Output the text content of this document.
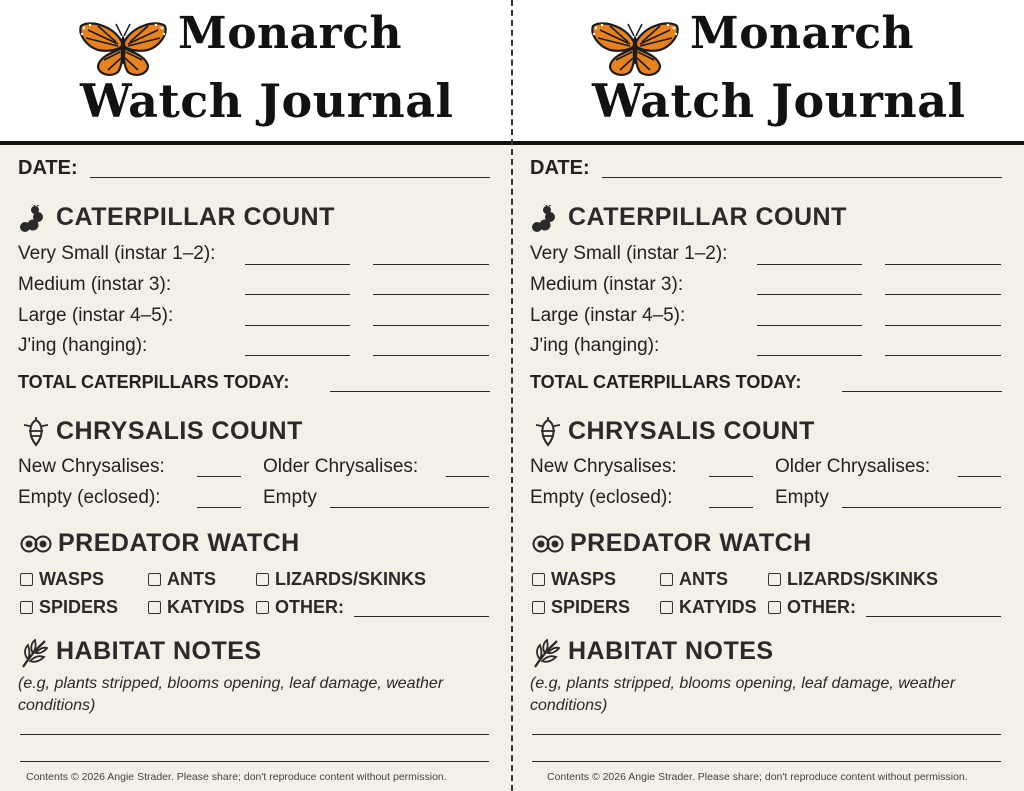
Monarch
Watch Journal
DATE:
CATERPILLAR COUNT
Very Small (instar 1–2):
Medium (instar 3):
Large (instar 4–5):
J'ing (hanging):
TOTAL CATERPILLARS TODAY:
CHRYSALIS COUNT
New Chrysalises:	Older Chrysalises:
Empty (eclosed):	Empty
PREDATOR WATCH
WASPS	ANTS	LIZARDS/SKINKS
SPIDERS	KATYIDS	OTHER:
HABITAT NOTES
(e.g, plants stripped, blooms opening, leaf damage, weather conditions)
Contents © 2026 Angie Strader. Please share; don't reproduce content without permission.
Monarch
Watch Journal
DATE:
CATERPILLAR COUNT
Very Small (instar 1–2):
Medium (instar 3):
Large (instar 4–5):
J'ing (hanging):
TOTAL CATERPILLARS TODAY:
CHRYSALIS COUNT
New Chrysalises:	Older Chrysalises:
Empty (eclosed):	Empty
PREDATOR WATCH
WASPS	ANTS	LIZARDS/SKINKS
SPIDERS	KATYIDS	OTHER:
HABITAT NOTES
(e.g, plants stripped, blooms opening, leaf damage, weather conditions)
Contents © 2026 Angie Strader. Please share; don't reproduce content without permission.
